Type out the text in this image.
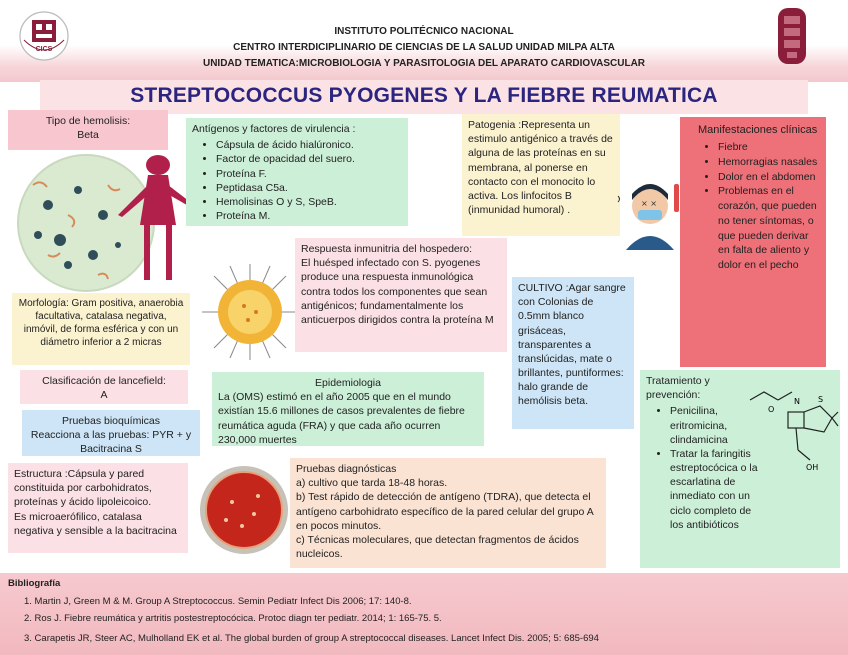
CICS
INSTITUTO POLITÉCNICO NACIONAL
CENTRO INTERDICIPLINARIO DE CIENCIAS DE LA SALUD UNIDAD MILPA ALTA
UNIDAD TEMATICA:MICROBIOLOGIA Y PARASITOLOGIA DEL APARATO CARDIOVASCULAR
STREPTOCOCCUS PYOGENES Y LA FIEBRE REUMATICA
Tipo de hemolisis:
Beta
Antígenos y factores de virulencia :
• Cápsula de ácido hialúronico.
• Factor de opacidad del suero.
• Proteína F.
• Peptidasa C5a.
• Hemolisinas O y S, SpeB.
• Proteína M.
Patogenia :Representa un estimulo antigénico a través de alguna de las proteínas en su membrana, al ponerse en contacto con el monocito lo activa. Los linfocitos B (inmunidad humoral) .
× ×
Manifestaciones clínicas
• Fiebre
• Hemorragias nasales
• Dolor en el abdomen
• Problemas en el corazón, que pueden no tener síntomas, o que pueden derivar en falta de aliento y dolor en el pecho
Respuesta inmunitria del hospedero:
El huésped infectado con S. pyogenes produce una respuesta inmunológica contra todos los componentes que sean antigénicos; fundamentalmente los anticuerpos dirigidos contra la proteína M
Morfología: Gram positiva, anaerobia facultativa, catalasa negativa, inmóvil, de forma esférica y con un diámetro inferior a 2 micras
CULTIVO :Agar sangre con Colonias de 0.5mm blanco grisáceas, transparentes a translúcidas, mate o brillantes, puntiformes: halo grande de hemólisis beta.
Clasificación de lancefield:
A
Epidemiologia
La (OMS) estimó en el año 2005 que en el mundo existían 15.6 millones de casos prevalentes de fiebre reumática aguda (FRA) y que cada año ocurren 230,000 muertes
Tratamiento y prevención:
• Penicilina, eritromicina, clindamicina
• Tratar la faringitis estreptocócica o la escarlatina de inmediato con un ciclo completo de los antibióticos
O
N S
OH
Pruebas bioquímicas
Reacciona a las pruebas: PYR + y Bacitracina S
Estructura :Cápsula y pared constituida por carbohidratos, proteínas y ácido lipoleicoico.
Es microaerófilico, catalasa negativa y sensible a la bacitracina
Pruebas diagnósticas
a) cultivo que tarda 18-48 horas.
b) Test rápido de detección de antígeno (TDRA), que detecta el antígeno carbohidrato específico de la pared celular del grupo A en pocos minutos.
c) Técnicas moleculares, que detectan fragmentos de ácidos nucleicos.
Bibliografía
1. Martin J, Green M & M. Group A Streptococcus. Semin Pediatr Infect Dis 2006; 17: 140-8.
2. Ros J. Fiebre reumática y artritis postestreptocócica. Protoc diagn ter pediatr. 2014; 1: 165-75. 5.
3. Carapetis JR, Steer AC, Mulholland EK et al. The global burden of group A streptococcal diseases. Lancet Infect Dis. 2005; 5: 685-694
